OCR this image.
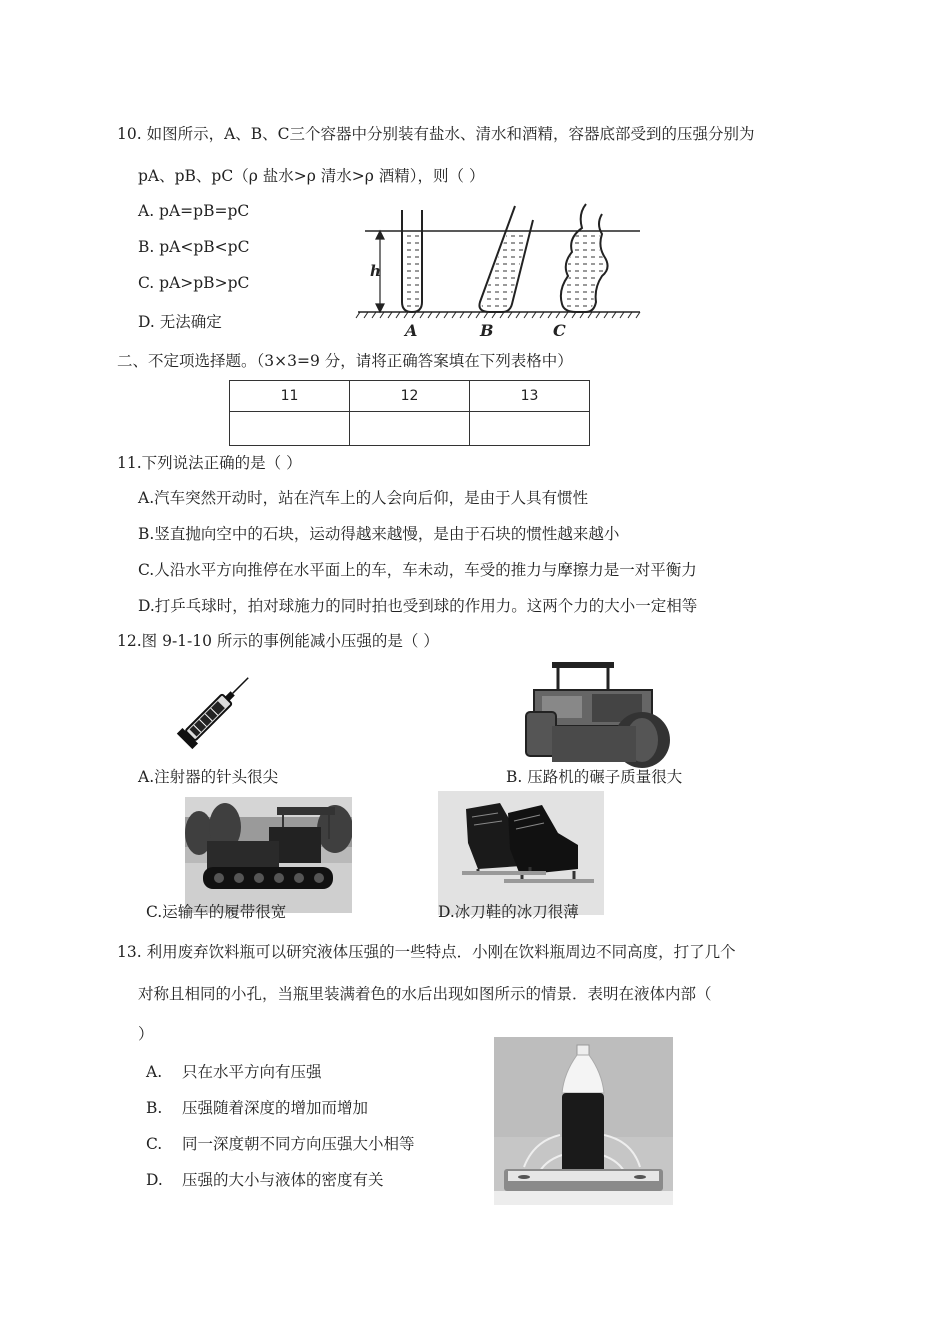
10. 如图所示，A、B、C三个容器中分别装有盐水、清水和酒精，容器底部受到的压强分别为
pA、pB、pC（ρ 盐水>ρ 清水>ρ 酒精），则（ ）
A. pA=pB=pC
B. pA<pB<pC
C. pA>pB>pC
D. 无法确定
h
A	B	C
二、不定项选择题。（3×3=9 分，请将正确答案填在下列表格中）
11	12	13

11.下列说法正确的是（ ）
A.汽车突然开动时，站在汽车上的人会向后仰，是由于人具有惯性
B.竖直抛向空中的石块，运动得越来越慢，是由于石块的惯性越来越小
C.人沿水平方向推停在水平面上的车，车未动，车受的推力与摩擦力是一对平衡力
D.打乒乓球时，拍对球施力的同时拍也受到球的作用力。这两个力的大小一定相等
12.图 9-1-10 所示的事例能减小压强的是（ ）
A.注射器的针头很尖	B. 压路机的碾子质量很大
C.运输车的履带很宽	D.冰刀鞋的冰刀很薄
13. 利用废弃饮料瓶可以研究液体压强的一些特点．小刚在饮料瓶周边不同高度，打了几个
对称且相同的小孔，当瓶里装满着色的水后出现如图所示的情景．表明在液体内部（
）
A. 只在水平方向有压强
B. 压强随着深度的增加而增加
C. 同一深度朝不同方向压强大小相等
D. 压强的大小与液体的密度有关
